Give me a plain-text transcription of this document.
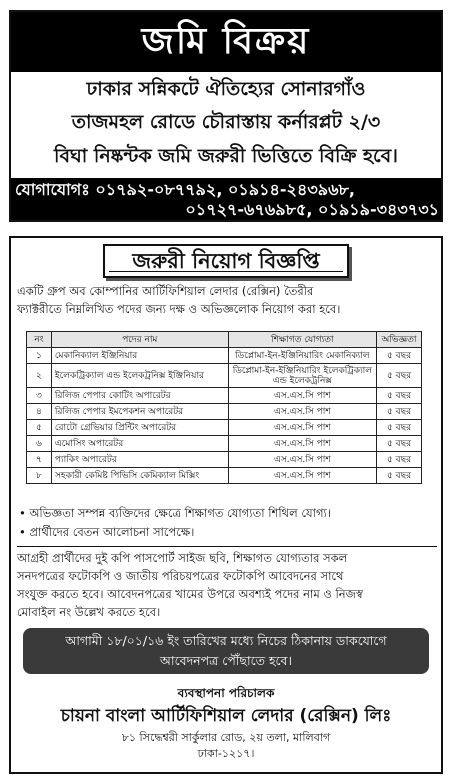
জমি বিক্রয়
ঢাকার সন্নিকটে ঐতিহ্যের সোনারগাঁও
তাজমহল রোডে চৌরাস্তায় কর্নারপ্লট ২/৩
বিঘা নিষ্কন্টক জমি জরুরী ভিত্তিতে বিক্রি হবে।
যোগাযোগঃ ০১৭৯২-০৮৭৭৯২, ০১৯১৪-২৪৩৯৬৮,
০১৭২৭-৬৭৬৯৮৫, ০১৯১৯-৩৪৩৭৩১
জরুরী নিয়োগ বিজ্ঞপ্তি
একটি গ্রুপ অব কোম্পানির আর্টিফিশিয়াল লেদার (রেক্সিন) তৈরীর
ফ্যাক্টরীতে নিম্নলিখিত পদের জন্য দক্ষ ও অভিজ্ঞলোক নিয়োগ করা হবে।
নং	পদের নাম	শিক্ষাগত যোগ্যতা	অভিজ্ঞতা
১	মেকানিক্যাল ইঞ্জিনিয়ার	ডিপ্লোমা-ইন-ইঞ্জিনিয়ারিং মেকানিক্যাল	৫ বছর
২	ইলেকট্রিক্যাল এন্ড ইলেকট্রনিক্স ইঞ্জিনিয়ার	ডিপ্লোমা-ইন-ইঞ্জিনিয়ারিং ইলেকট্রিক্যাল এন্ড ইলেকট্রনিক্স	৫ বছর
৩	রিলিজ পেপার কোটিং অপারেটর	এস.এস.সি পাশ	৫ বছর
৪	রিলিজ পেপার ইমপেকশন অপারেটর	এস.এস.সি পাশ	৫ বছর
৫	রোটো গ্রেভিয়ার প্রিন্টিং অপারেটর	এস.এস.সি পাশ	৫ বছর
৬	এমোসিং অপারেটর	এস.এস.সি পাশ	৫ বছর
৭	প্যাকিং অপারেটর	এস.এস.সি পাশ	৫ বছর
৮	সহকারী কেমিষ্ট পিভিসি কেমিক্যাল মিক্সিং	এস.এস.সি পাশ	৫ বছর
• অভিজ্ঞতা সম্পন্ন ব্যক্তিদের ক্ষেত্রে শিক্ষাগত যোগ্যতা শিথিল যোগ্য।
• প্রার্থীদের বেতন আলোচনা সাপেক্ষে।
আগ্রহী প্রার্থীদের দুই কপি পাসপোর্ট সাইজ ছবি, শিক্ষাগত যোগ্যতার সকল
সনদপত্রের ফটোকপি ও জাতীয় পরিচয়পত্রের ফটোকপি আবেদনের সাথে
সংযুক্ত করতে হবে। আবেদনপত্রের খামের উপরে অবশ্যই পদের নাম ও নিজস্ব
মোবাইল নং উল্লেখ করতে হবে।
আগামী ১৮/০১/১৬ ইং তারিখের মধ্যে নিচের ঠিকানায় ডাকযোগে
আবেদনপত্র পৌঁছাতে হবে।
ব্যবস্থাপনা পরিচালক
চায়না বাংলা আর্টিফিশিয়াল লেদার (রেক্সিন) লিঃ
৮১ সিদ্ধেশ্বরী সার্কুলার রোড, ২য় তলা, মালিবাগ
ঢাকা-১২১৭।
